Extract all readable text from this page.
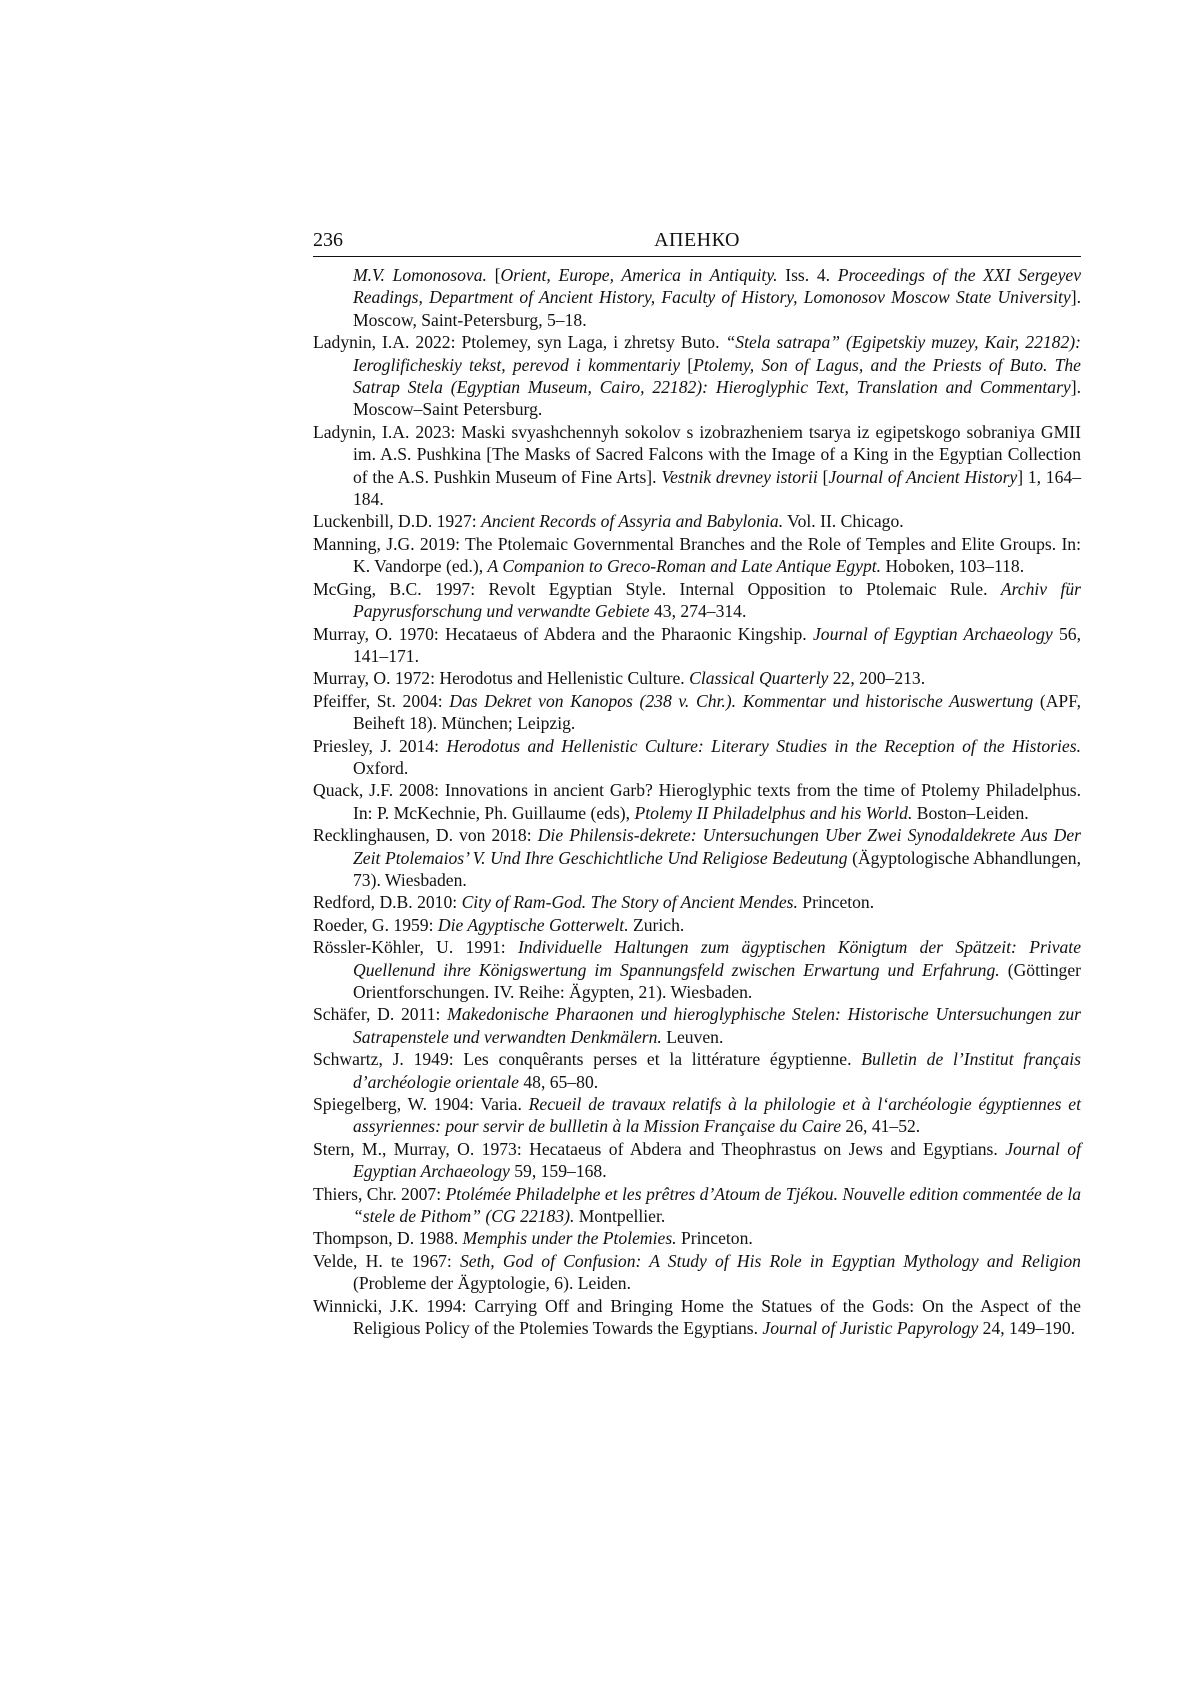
236	АПЕНКО

M.V. Lomonosova. [Orient, Europe, America in Antiquity. Iss. 4. Proceedings of the XXI Sergeyev Readings, Department of Ancient History, Faculty of History, Lomonosov Moscow State University]. Moscow, Saint-Petersburg, 5–18.

Ladynin, I.A. 2022: Ptolemey, syn Laga, i zhretsy Buto. “Stela satrapa” (Egipetskiy muzey, Kair, 22182): Ieroglificheskiy tekst, perevod i kommentariy [Ptolemy, Son of Lagus, and the Priests of Buto. The Satrap Stela (Egyptian Museum, Cairo, 22182): Hieroglyphic Text, Translation and Commentary]. Moscow–Saint Petersburg.

Ladynin, I.A. 2023: Maski svyashchennyh sokolov s izobrazheniem tsarya iz egipetskogo sobraniya GMII im. A.S. Pushkina [The Masks of Sacred Falcons with the Image of a King in the Egyptian Collection of the A.S. Pushkin Museum of Fine Arts]. Vestnik drevney istorii [Journal of Ancient History] 1, 164–184.

Luckenbill, D.D. 1927: Ancient Records of Assyria and Babylonia. Vol. II. Chicago.

Manning, J.G. 2019: The Ptolemaic Governmental Branches and the Role of Temples and Elite Groups. In: K. Vandorpe (ed.), A Companion to Greco-Roman and Late Antique Egypt. Hoboken, 103–118.

McGing, B.C. 1997: Revolt Egyptian Style. Internal Opposition to Ptolemaic Rule. Archiv für Papyrusforschung und verwandte Gebiete 43, 274–314.

Murray, O. 1970: Hecataeus of Abdera and the Pharaonic Kingship. Journal of Egyptian Archaeology 56, 141–171.

Murray, O. 1972: Herodotus and Hellenistic Culture. Classical Quarterly 22, 200–213.

Pfeiffer, St. 2004: Das Dekret von Kanopos (238 v. Chr.). Kommentar und historische Auswertung (APF, Beiheft 18). München; Leipzig.

Priesley, J. 2014: Herodotus and Hellenistic Culture: Literary Studies in the Reception of the Histories. Oxford.

Quack, J.F. 2008: Innovations in ancient Garb? Hieroglyphic texts from the time of Ptolemy Philadelphus. In: P. McKechnie, Ph. Guillaume (eds), Ptolemy II Philadelphus and his World. Boston–Leiden.

Recklinghausen, D. von 2018: Die Philensis-dekrete: Untersuchungen Uber Zwei Synodaldekrete Aus Der Zeit Ptolemaios’ V. Und Ihre Geschichtliche Und Religiose Bedeutung (Ägyptologische Abhandlungen, 73). Wiesbaden.

Redford, D.B. 2010: City of Ram-God. The Story of Ancient Mendes. Princeton.

Roeder, G. 1959: Die Agyptische Gotterwelt. Zurich.

Rössler-Köhler, U. 1991: Individuelle Haltungen zum ägyptischen Königtum der Spätzeit: Private Quellenund ihre Königswertung im Spannungsfeld zwischen Erwartung und Erfahrung. (Göttinger Orientforschungen. IV. Reihe: Ägypten, 21). Wiesbaden.

Schäfer, D. 2011: Makedonische Pharaonen und hieroglyphische Stelen: Historische Untersuchungen zur Satrapenstele und verwandten Denkmälern. Leuven.

Schwartz, J. 1949: Les conquêrants perses et la littérature égyptienne. Bulletin de l’Institut français d’archéologie orientale 48, 65–80.

Spiegelberg, W. 1904: Varia. Recueil de travaux relatifs à la philologie et à l‘archéologie égyptiennes et assyriennes: pour servir de bullletin à la Mission Française du Caire 26, 41–52.

Stern, M., Murray, O. 1973: Hecataeus of Abdera and Theophrastus on Jews and Egyptians. Journal of Egyptian Archaeology 59, 159–168.

Thiers, Chr. 2007: Ptolémée Philadelphe et les prêtres d’Atoum de Tjékou. Nouvelle edition commentée de la “stele de Pithom” (CG 22183). Montpellier.

Thompson, D. 1988. Memphis under the Ptolemies. Princeton.

Velde, H. te 1967: Seth, God of Confusion: A Study of His Role in Egyptian Mythology and Religion (Probleme der Ägyptologie, 6). Leiden.

Winnicki, J.K. 1994: Carrying Off and Bringing Home the Statues of the Gods: On the Aspect of the Religious Policy of the Ptolemies Towards the Egyptians. Journal of Juristic Papyrology 24, 149–190.
